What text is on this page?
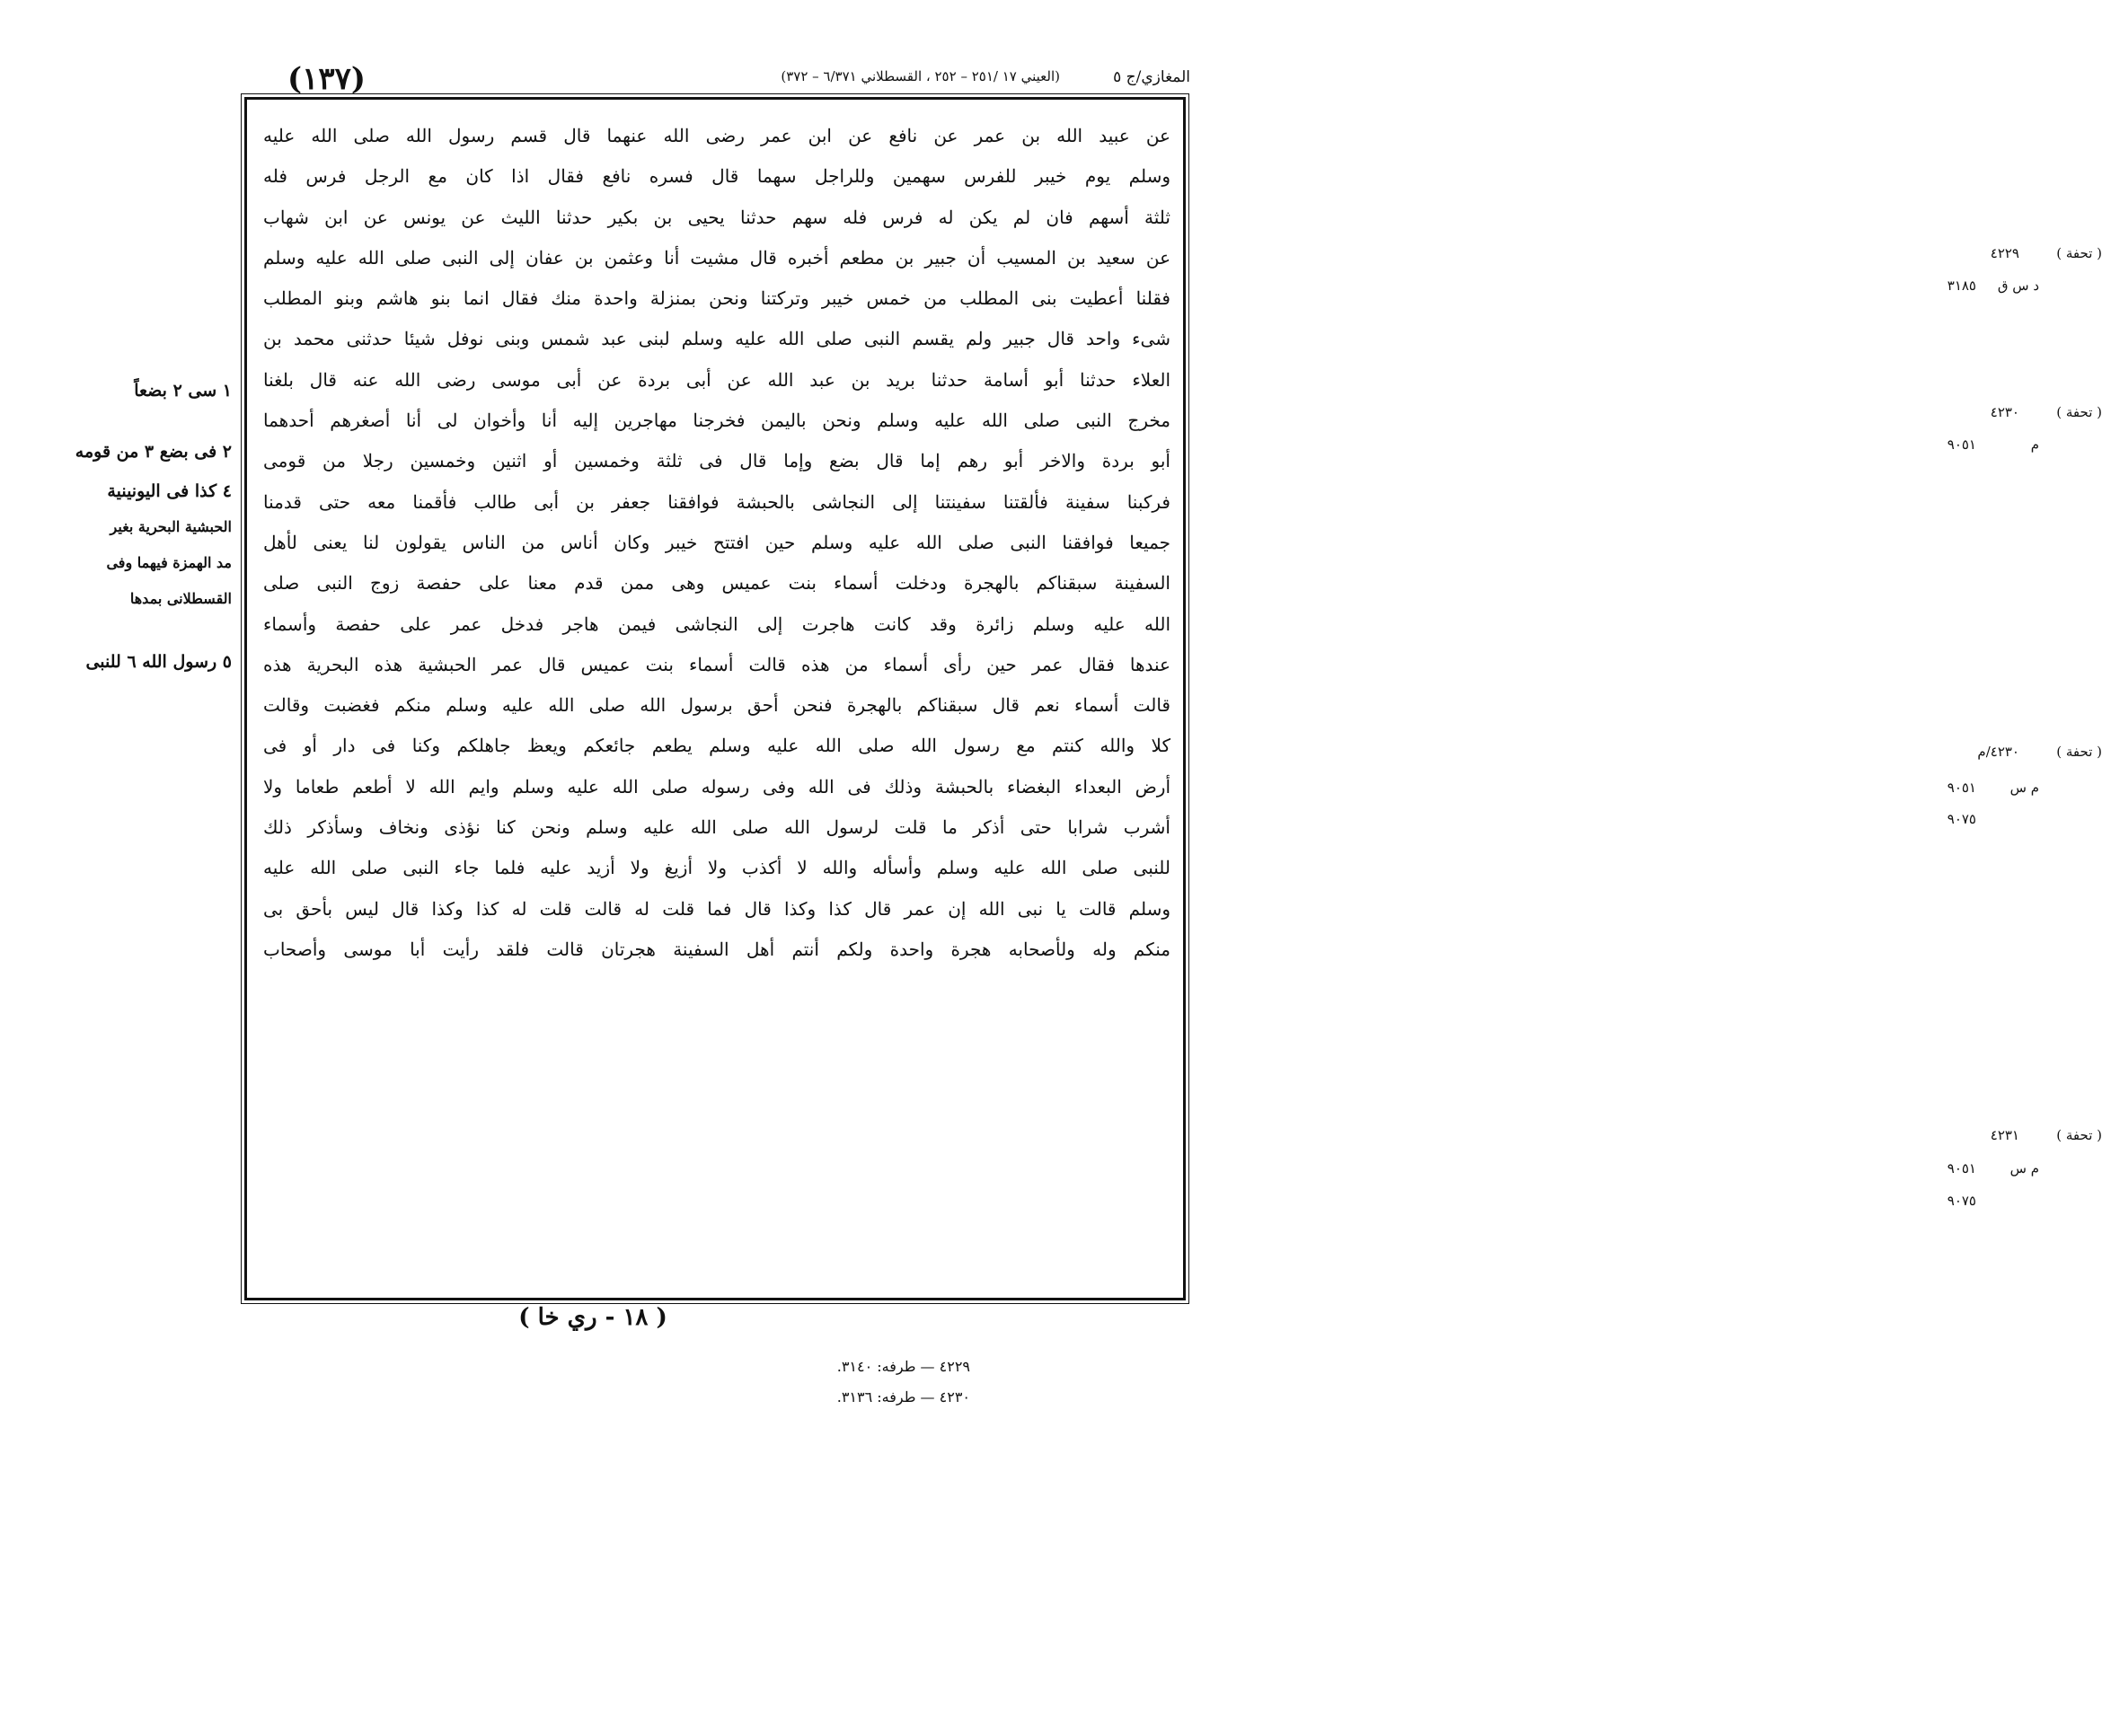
المغازي/ج ٥
(العيني ١٧ /٢٥١ – ٢٥٢ ، القسطلاني ٦/٣٧١ – ٣٧٢)
(١٣٧)
عن عبيد الله بن عمر عن نافع عن ابن عمر رضى الله عنهما قال قسم رسول الله صلى الله عليه
وسلم يوم خيبر للفرس سهمين وللراجل سهما قال فسره نافع فقال اذا كان مع الرجل فرس فله
ثلثة أسهم فان لم يكن له فرس فله سهم حدثنا يحيى بن بكير حدثنا الليث عن يونس عن ابن شهاب
عن سعيد بن المسيب أن جبير بن مطعم أخبره قال مشيت أنا وعثمن بن عفان إلى النبى صلى الله عليه وسلم
فقلنا أعطيت بنى المطلب من خمس خيبر وتركتنا ونحن بمنزلة واحدة منك فقال انما بنو هاشم وبنو المطلب
شىء واحد قال جبير ولم يقسم النبى صلى الله عليه وسلم لبنى عبد شمس وبنى نوفل شيئا حدثنى محمد بن
العلاء حدثنا أبو أسامة حدثنا بريد بن عبد الله عن أبى بردة عن أبى موسى رضى الله عنه قال بلغنا
مخرج النبى صلى الله عليه وسلم ونحن باليمن فخرجنا مهاجرين إليه أنا وأخوان لى أنا أصغرهم أحدهما
أبو بردة والاخر أبو رهم إما قال بضع وإما قال فى ثلثة وخمسين أو اثنين وخمسين رجلا من قومى
فركبنا سفينة فألقتنا سفينتنا إلى النجاشى بالحبشة فوافقنا جعفر بن أبى طالب فأقمنا معه حتى قدمنا
جميعا فوافقنا النبى صلى الله عليه وسلم حين افتتح خيبر وكان أناس من الناس يقولون لنا يعنى لأهل
السفينة سبقناكم بالهجرة ودخلت أسماء بنت عميس وهى ممن قدم معنا على حفصة زوج النبى صلى
الله عليه وسلم زائرة وقد كانت هاجرت إلى النجاشى فيمن هاجر فدخل عمر على حفصة وأسماء
عندها فقال عمر حين رأى أسماء من هذه قالت أسماء بنت عميس قال عمر الحبشية هذه البحرية هذه
قالت أسماء نعم قال سبقناكم بالهجرة فنحن أحق برسول الله صلى الله عليه وسلم منكم فغضبت وقالت
كلا والله كنتم مع رسول الله صلى الله عليه وسلم يطعم جائعكم ويعظ جاهلكم وكنا فى دار أو فى
أرض البعداء البغضاء بالحبشة وذلك فى الله وفى رسوله صلى الله عليه وسلم وايم الله لا أطعم طعاما ولا
أشرب شرابا حتى أذكر ما قلت لرسول الله صلى الله عليه وسلم ونحن كنا نؤذى ونخاف وسأذكر ذلك
للنبى صلى الله عليه وسلم وأسأله والله لا أكذب ولا أزيغ ولا أزيد عليه فلما جاء النبى صلى الله عليه
وسلم قالت يا نبى الله إن عمر قال كذا وكذا قال فما قلت له قالت قلت له كذا وكذا قال ليس بأحق بى
منكم وله ولأصحابه هجرة واحدة ولكم أنتم أهل السفينة هجرتان قالت فلقد رأيت أبا موسى وأصحاب
( تحفة )
٤٢٢٩
د س ق
٣١٨٥
( تحفة )
٤٢٣٠
م
٩٠٥١
( تحفة )
٤٢٣٠/م
م س
٩٠٥١
٩٠٧٥
( تحفة )
٤٢٣١
م س
٩٠٥١
٩٠٧٥
١ سى ٢ بضعاً
٢ فى بضع ٣ من قومه
٤ كذا فى اليونينية
الحبشية البحرية بغير
مد الهمزة فيهما وفى
القسطلانى بمدها
٥ رسول الله ٦ للنبى
( ١٨ - ري خا )
٤٢٢٩ — طرفه: ٣١٤٠.
٤٢٣٠ — طرفه: ٣١٣٦.
